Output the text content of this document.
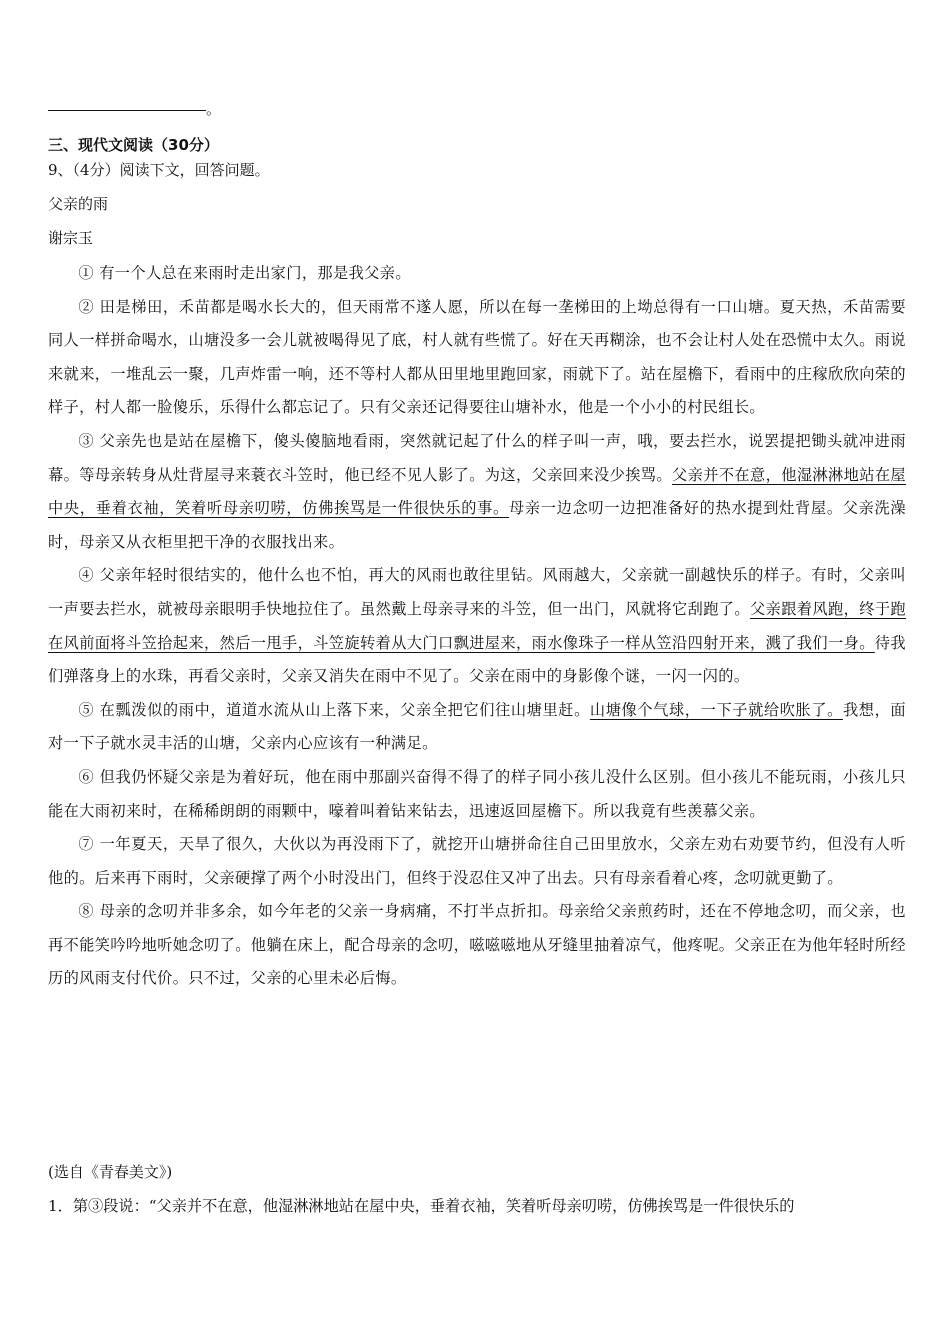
。
三、现代文阅读（30分）
9、（4分）阅读下文，回答问题。
父亲的雨
谢宗玉

① 有一个人总在来雨时走出家门，那是我父亲。

② 田是梯田，禾苗都是喝水长大的，但天雨常不遂人愿，所以在每一垄梯田的上坳总得有一口山塘。夏天热，禾苗需要同人一样拼命喝水，山塘没多一会儿就被喝得见了底，村人就有些慌了。好在天再糊涂，也不会让村人处在恐慌中太久。雨说来就来，一堆乱云一聚，几声炸雷一响，还不等村人都从田里地里跑回家，雨就下了。站在屋檐下，看雨中的庄稼欣欣向荣的样子，村人都一脸傻乐，乐得什么都忘记了。只有父亲还记得要往山塘补水，他是一个小小的村民组长。

③ 父亲先也是站在屋檐下，傻头傻脑地看雨，突然就记起了什么的样子叫一声，哦，要去拦水，说罢提把锄头就冲进雨幕。等母亲转身从灶背屋寻来蓑衣斗笠时，他已经不见人影了。为这，父亲回来没少挨骂。父亲并不在意，他湿淋淋地站在屋中央，垂着衣袖，笑着听母亲叨唠，仿佛挨骂是一件很快乐的事。母亲一边念叨一边把准备好的热水提到灶背屋。父亲洗澡时，母亲又从衣柜里把干净的衣服找出来。

④ 父亲年轻时很结实的，他什么也不怕，再大的风雨也敢往里钻。风雨越大，父亲就一副越快乐的样子。有时，父亲叫一声要去拦水，就被母亲眼明手快地拉住了。虽然戴上母亲寻来的斗笠，但一出门，风就将它刮跑了。父亲跟着风跑，终于跑在风前面将斗笠拾起来，然后一甩手，斗笠旋转着从大门口飘进屋来，雨水像珠子一样从笠沿四射开来，溅了我们一身。待我们弹落身上的水珠，再看父亲时，父亲又消失在雨中不见了。父亲在雨中的身影像个谜，一闪一闪的。

⑤ 在瓢泼似的雨中，道道水流从山上落下来，父亲全把它们往山塘里赶。山塘像个气球，一下子就给吹胀了。我想，面对一下子就水灵丰活的山塘，父亲内心应该有一种满足。

⑥ 但我仍怀疑父亲是为着好玩，他在雨中那副兴奋得不得了的样子同小孩儿没什么区别。但小孩儿不能玩雨，小孩儿只能在大雨初来时，在稀稀朗朗的雨颗中，嚎着叫着钻来钻去，迅速返回屋檐下。所以我竟有些羡慕父亲。

⑦ 一年夏天，天旱了很久，大伙以为再没雨下了，就挖开山塘拼命往自己田里放水，父亲左劝右劝要节约，但没有人听他的。后来再下雨时，父亲硬撑了两个小时没出门，但终于没忍住又冲了出去。只有母亲看着心疼，念叨就更勤了。

⑧ 母亲的念叨并非多余，如今年老的父亲一身病痛，不打半点折扣。母亲给父亲煎药时，还在不停地念叨，而父亲，也再不能笑吟吟地听她念叨了。他躺在床上，配合母亲的念叨，嗞嗞嗞地从牙缝里抽着凉气，他疼呢。父亲正在为他年轻时所经历的风雨支付代价。只不过，父亲的心里未必后悔。

(选自《青春美文》)
1．第③段说：“父亲并不在意，他湿淋淋地站在屋中央，垂着衣袖，笑着听母亲叨唠，仿佛挨骂是一件很快乐的
